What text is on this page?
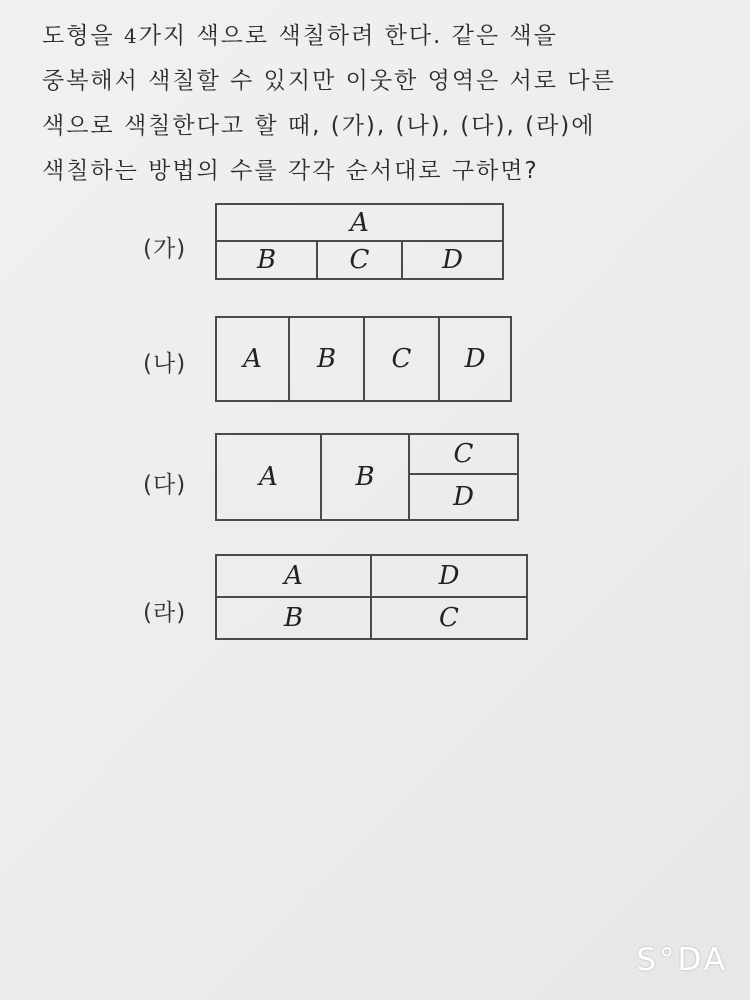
도형을 4가지 색으로 색칠하려 한다. 같은 색을
중복해서 색칠할 수 있지만 이웃한 영역은 서로 다른
색으로 색칠한다고 할 때, (가), (나), (다), (라)에
색칠하는 방법의 수를 각각 순서대로 구하면?
(가)
A
B	C	D
(나)	A	B	C	D
(다)	A	B
C
D
(라)
A	D
B	C
S°DA
